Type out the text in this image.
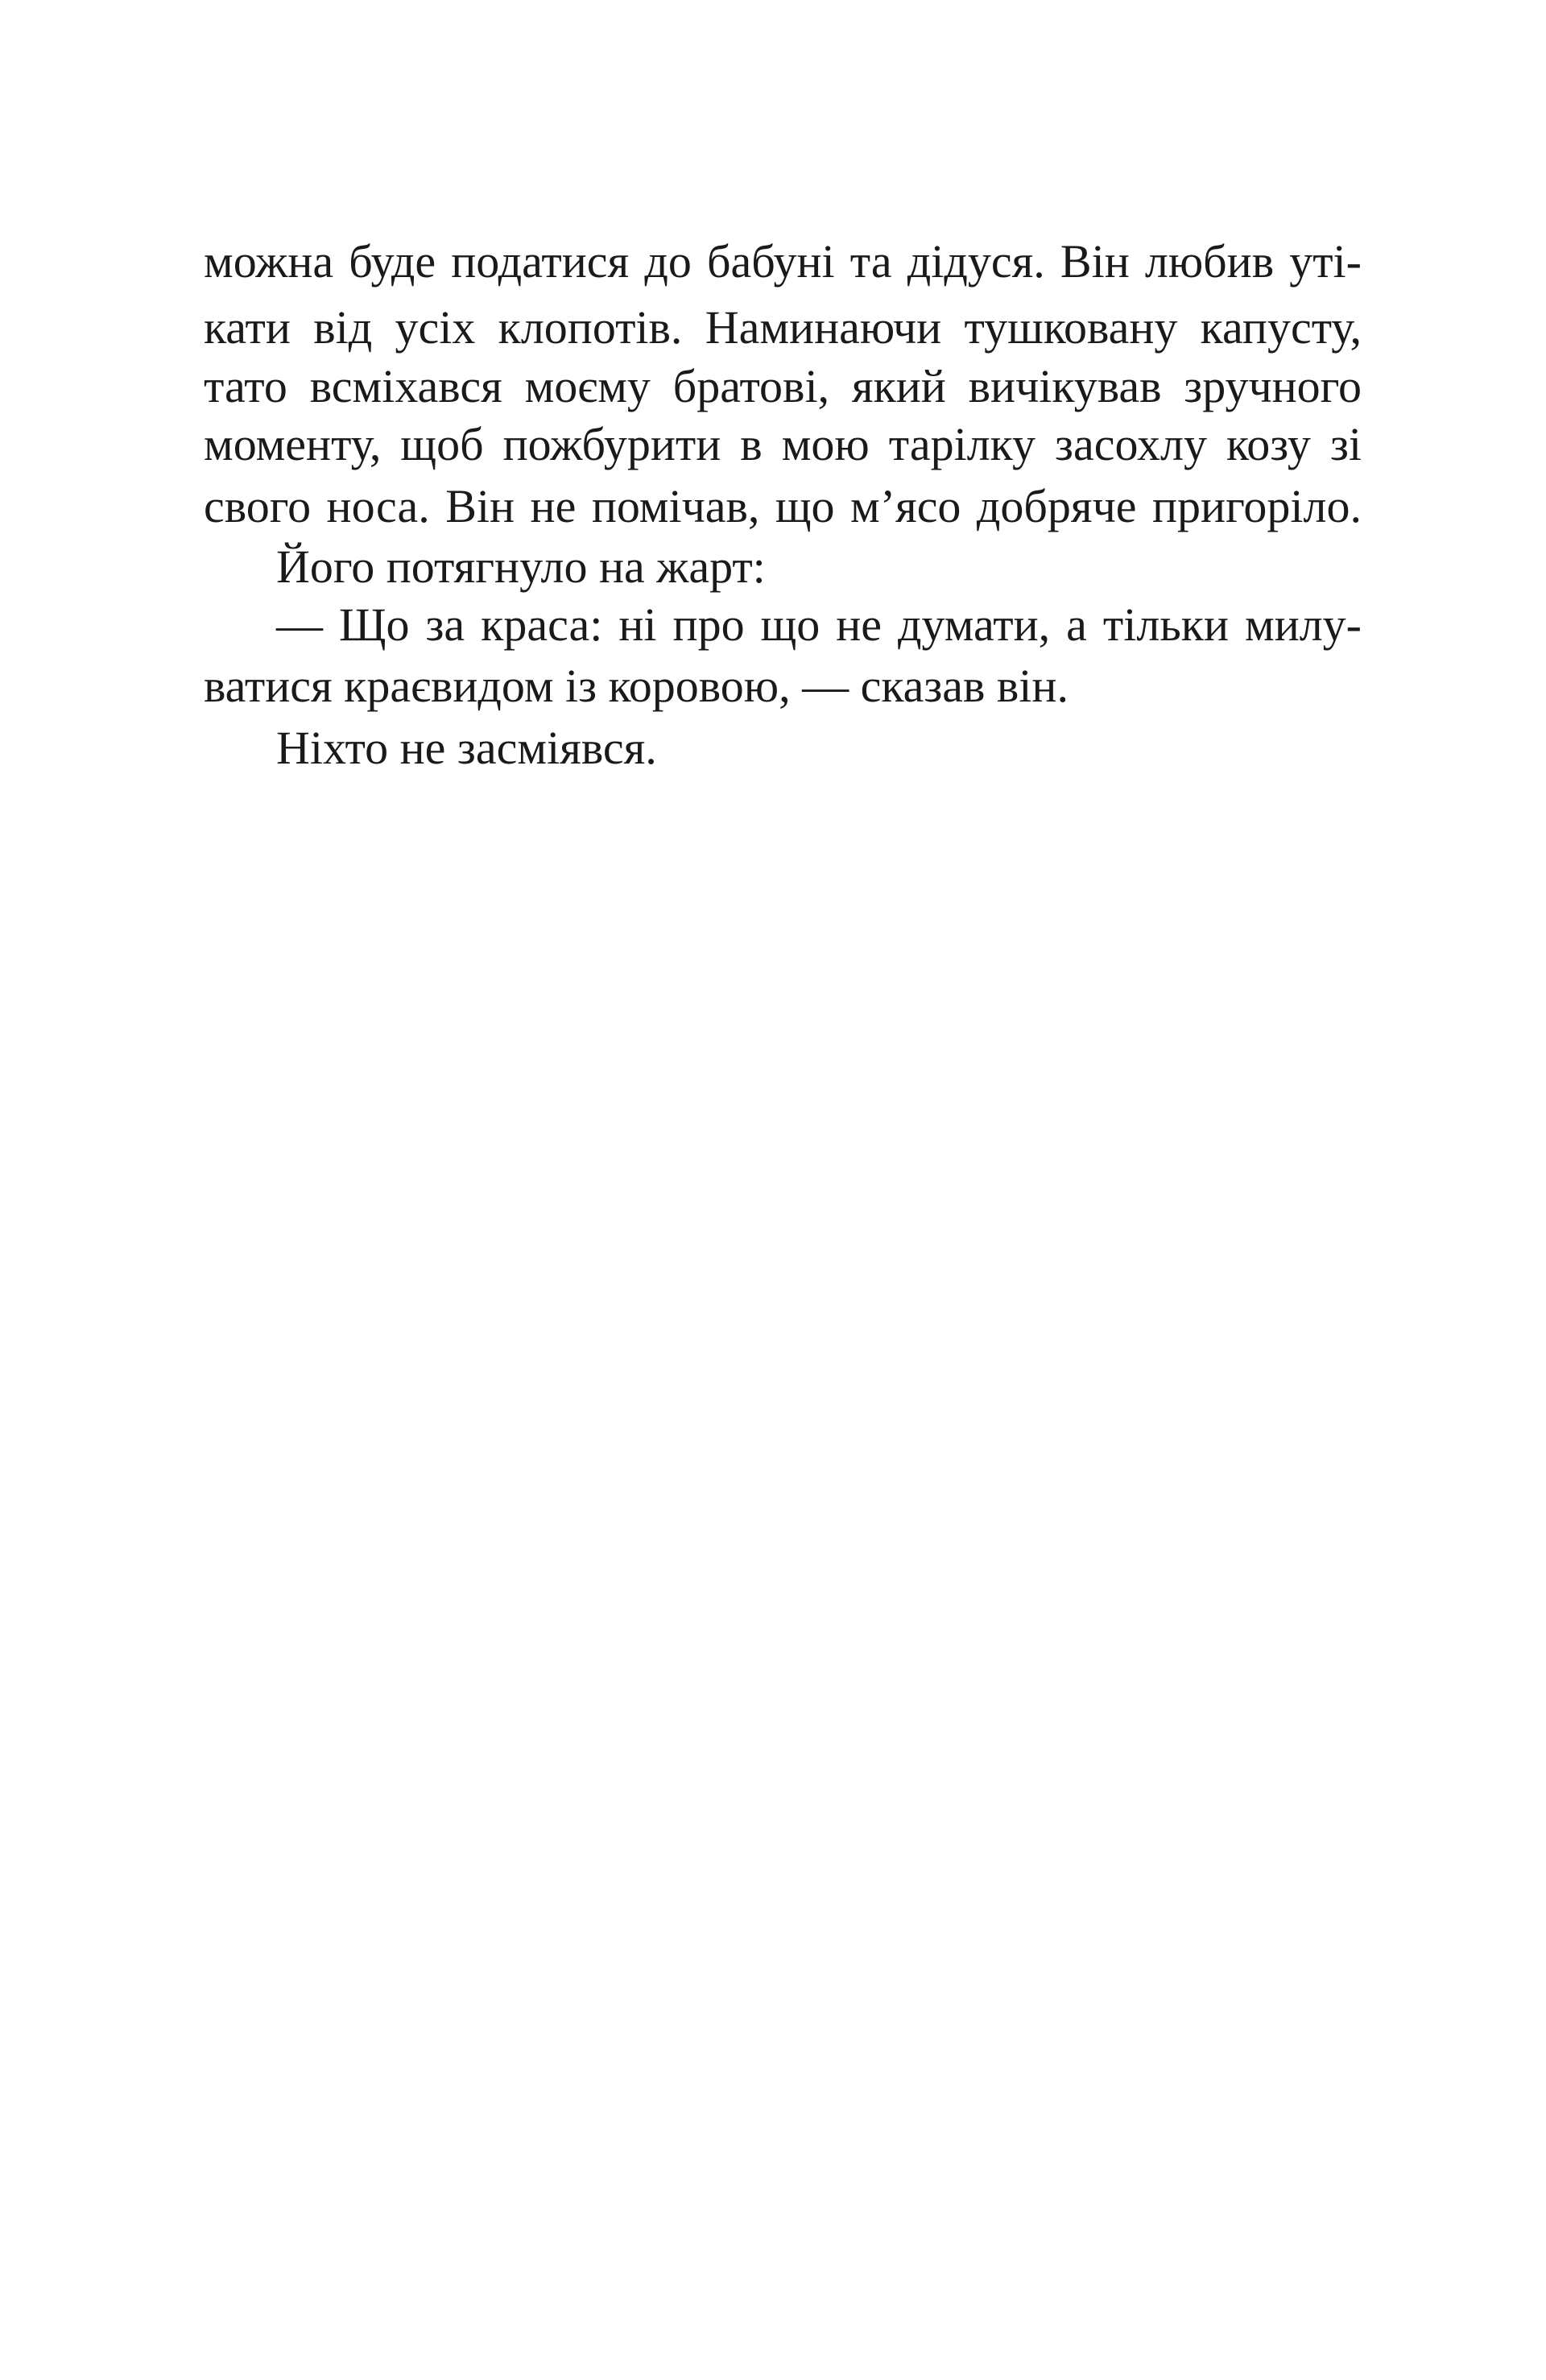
можна буде податися до бабуні та дідуся. Він любив уті-
кати від усіх клопотів. Наминаючи тушковану капусту,
тато всміхався моєму братові, який вичікував зручного
моменту, щоб пожбурити в мою тарілку засохлу козу зі
свого носа. Він не помічав, що м’ясо добряче пригоріло.
Його потягнуло на жарт:
— Що за краса: ні про що не думати, а тільки милу-
ватися краєвидом із коровою, — сказав він.
Ніхто не засміявся.
